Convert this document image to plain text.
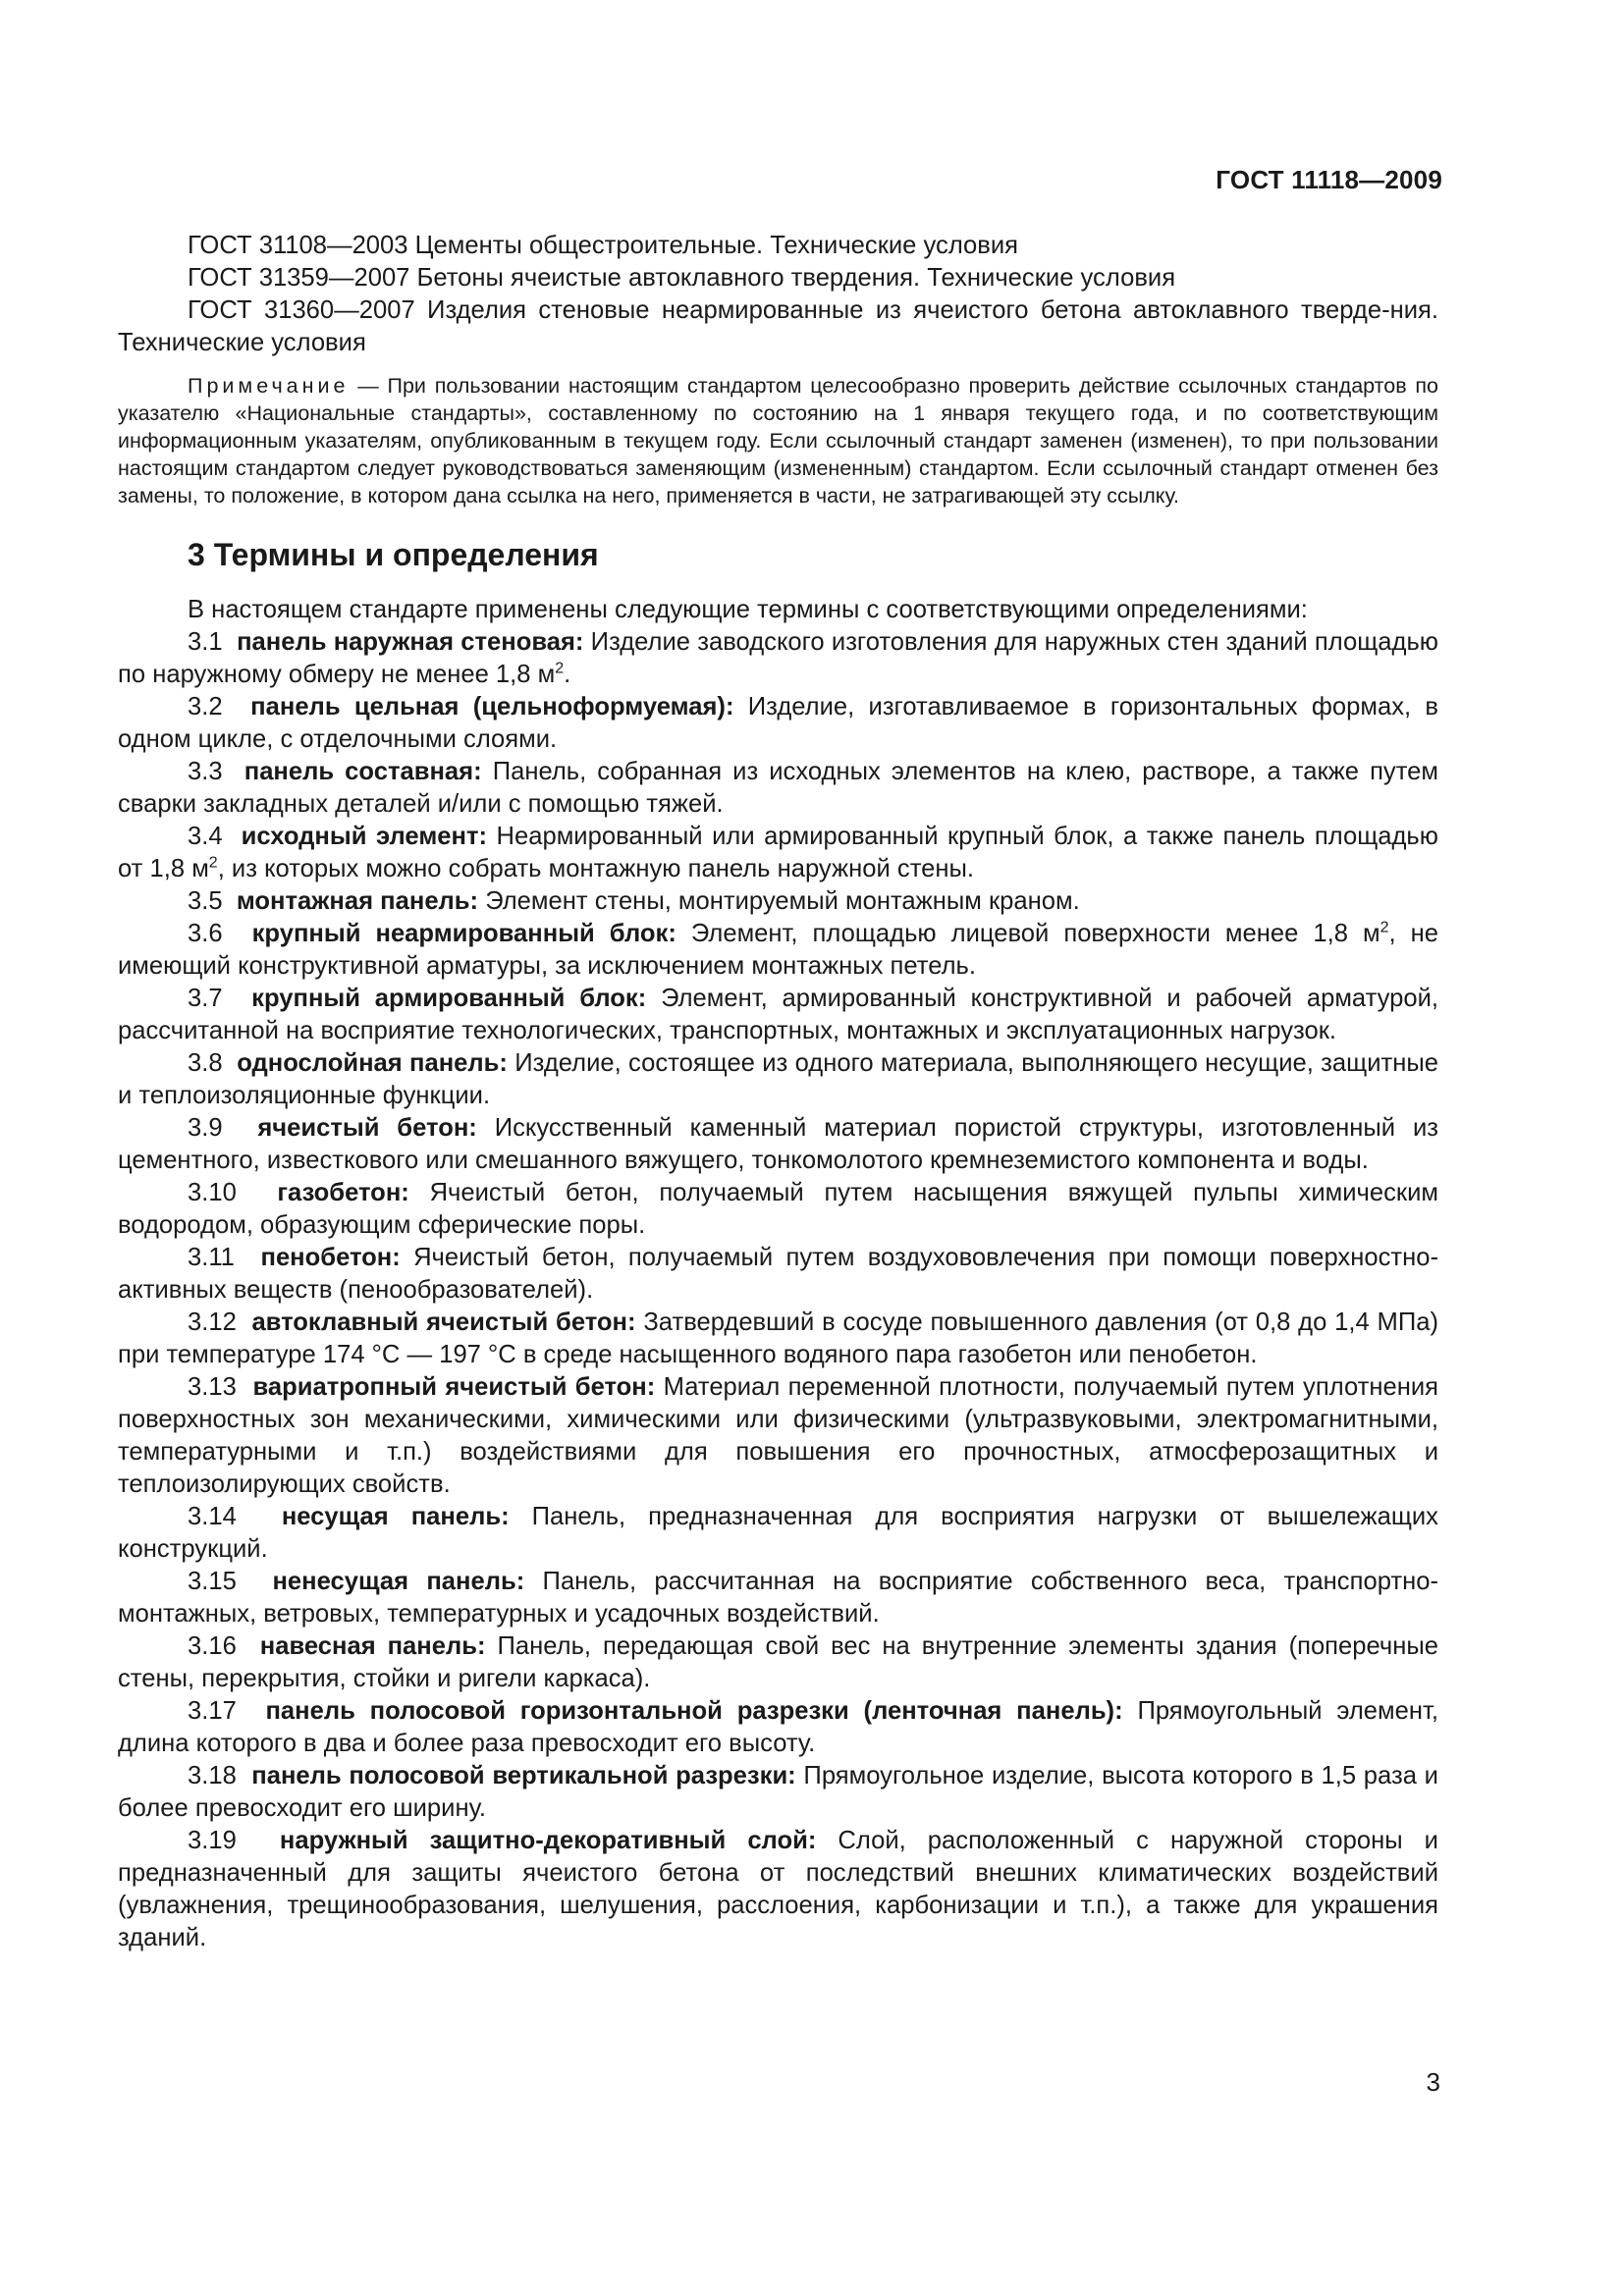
ГОСТ 11118—2009

ГОСТ 31108—2003 Цементы общестроительные. Технические условия

ГОСТ 31359—2007 Бетоны ячеистые автоклавного твердения. Технические условия

ГОСТ 31360—2007 Изделия стеновые неармированные из ячеистого бетона автоклавного тверде-ния. Технические условия

Примечание — При пользовании настоящим стандартом целесообразно проверить действие ссылочных стандартов по указателю «Национальные стандарты», составленному по состоянию на 1 января текущего года, и по соответствующим информационным указателям, опубликованным в текущем году. Если ссылочный стандарт заменен (изменен), то при пользовании настоящим стандартом следует руководствоваться заменяющим (измененным) стандартом. Если ссылочный стандарт отменен без замены, то положение, в котором дана ссылка на него, применяется в части, не затрагивающей эту ссылку.

3 Термины и определения

В настоящем стандарте применены следующие термины с соответствующими определениями:

3.1 панель наружная стеновая: Изделие заводского изготовления для наружных стен зданий площадью по наружному обмеру не менее 1,8 $м^2$.

3.2 панель цельная (цельноформуемая): Изделие, изготавливаемое в горизонтальных формах, в одном цикле, с отделочными слоями.

3.3 панель составная: Панель, собранная из исходных элементов на клею, растворе, а также путем сварки закладных деталей и/или с помощью тяжей.

3.4 исходный элемент: Неармированный или армированный крупный блок, а также панель площадью от 1,8 $м^2$, из которых можно собрать монтажную панель наружной стены.

3.5 монтажная панель: Элемент стены, монтируемый монтажным краном.

3.6 крупный неармированный блок: Элемент, площадью лицевой поверхности менее 1,8 $м^2$, не имеющий конструктивной арматуры, за исключением монтажных петель.

3.7 крупный армированный блок: Элемент, армированный конструктивной и рабочей арматурой, рассчитанной на восприятие технологических, транспортных, монтажных и эксплуатационных нагрузок.

3.8 однослойная панель: Изделие, состоящее из одного материала, выполняющего несущие, защитные и теплоизоляционные функции.

3.9 ячеистый бетон: Искусственный каменный материал пористой структуры, изготовленный из цементного, известкового или смешанного вяжущего, тонкомолотого кремнеземистого компонента и воды.

3.10 газобетон: Ячеистый бетон, получаемый путем насыщения вяжущей пульпы химическим водородом, образующим сферические поры.

3.11 пенобетон: Ячеистый бетон, получаемый путем воздухововлечения при помощи поверхностно-активных веществ (пенообразователей).

3.12 автоклавный ячеистый бетон: Затвердевший в сосуде повышенного давления (от 0,8 до 1,4 МПа) при температуре 174 °C — 197 °C в среде насыщенного водяного пара газобетон или пенобетон.

3.13 вариатропный ячеистый бетон: Материал переменной плотности, получаемый путем уплотнения поверхностных зон механическими, химическими или физическими (ультразвуковыми, электромагнитными, температурными и т.п.) воздействиями для повышения его прочностных, атмосферозащитных и теплоизолирующих свойств.

3.14 несущая панель: Панель, предназначенная для восприятия нагрузки от вышележащих конструкций.

3.15 ненесущая панель: Панель, рассчитанная на восприятие собственного веса, транспортно-монтажных, ветровых, температурных и усадочных воздействий.

3.16 навесная панель: Панель, передающая свой вес на внутренние элементы здания (поперечные стены, перекрытия, стойки и ригели каркаса).

3.17 панель полосовой горизонтальной разрезки (ленточная панель): Прямоугольный элемент, длина которого в два и более раза превосходит его высоту.

3.18 панель полосовой вертикальной разрезки: Прямоугольное изделие, высота которого в 1,5 раза и более превосходит его ширину.

3.19 наружный защитно-декоративный слой: Слой, расположенный с наружной стороны и предназначенный для защиты ячеистого бетона от последствий внешних климатических воздействий (увлажнения, трещинообразования, шелушения, расслоения, карбонизации и т.п.), а также для украшения зданий.

3
